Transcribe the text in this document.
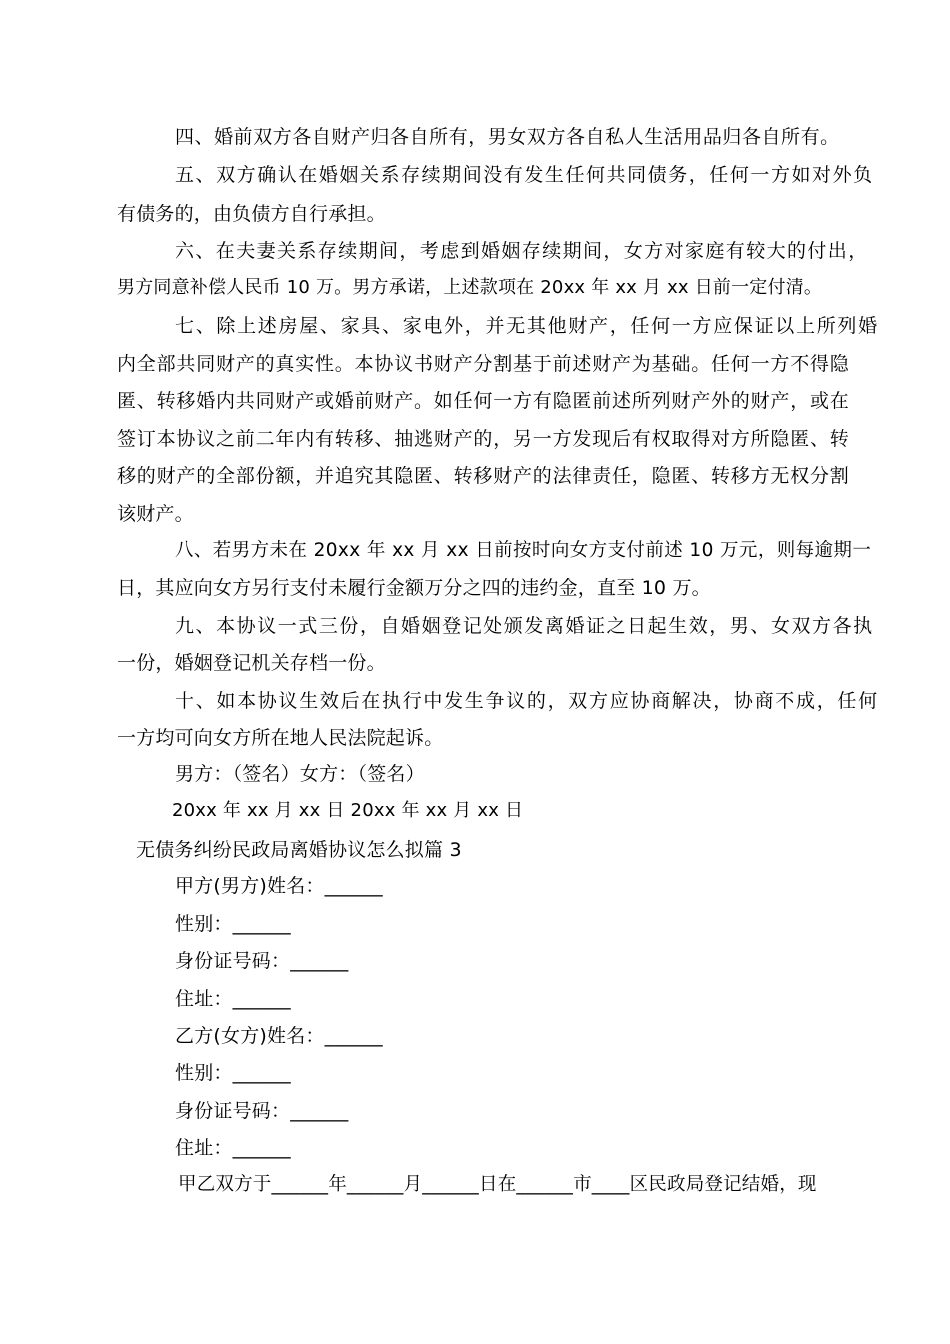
四、婚前双方各自财产归各自所有，男女双方各自私人生活用品归各自所有。
五、双方确认在婚姻关系存续期间没有发生任何共同债务，任何一方如对外负
有债务的，由负债方自行承担。
六、在夫妻关系存续期间，考虑到婚姻存续期间，女方对家庭有较大的付出，
男方同意补偿人民币 10 万。男方承诺，上述款项在 20xx 年 xx 月 xx 日前一定付清。
七、除上述房屋、家具、家电外，并无其他财产，任何一方应保证以上所列婚
内全部共同财产的真实性。本协议书财产分割基于前述财产为基础。任何一方不得隐
匿、转移婚内共同财产或婚前财产。如任何一方有隐匿前述所列财产外的财产，或在
签订本协议之前二年内有转移、抽逃财产的，另一方发现后有权取得对方所隐匿、转
移的财产的全部份额，并追究其隐匿、转移财产的法律责任，隐匿、转移方无权分割
该财产。
八、若男方未在 20xx 年 xx 月 xx 日前按时向女方支付前述 10 万元，则每逾期一
日，其应向女方另行支付未履行金额万分之四的违约金，直至 10 万。
九、本协议一式三份，自婚姻登记处颁发离婚证之日起生效，男、女双方各执
一份，婚姻登记机关存档一份。
十、如本协议生效后在执行中发生争议的，双方应协商解决，协商不成，任何
一方均可向女方所在地人民法院起诉。
男方：（签名）女方：（签名）
20xx 年 xx 月 xx 日 20xx 年 xx 月 xx 日
无债务纠纷民政局离婚协议怎么拟篇 3
甲方(男方)姓名：______
性别：______
身份证号码：______
住址：______
乙方(女方)姓名：______
性别：______
身份证号码：______
住址：______
甲乙双方于______年______月______日在______市____区民政局登记结婚，现
